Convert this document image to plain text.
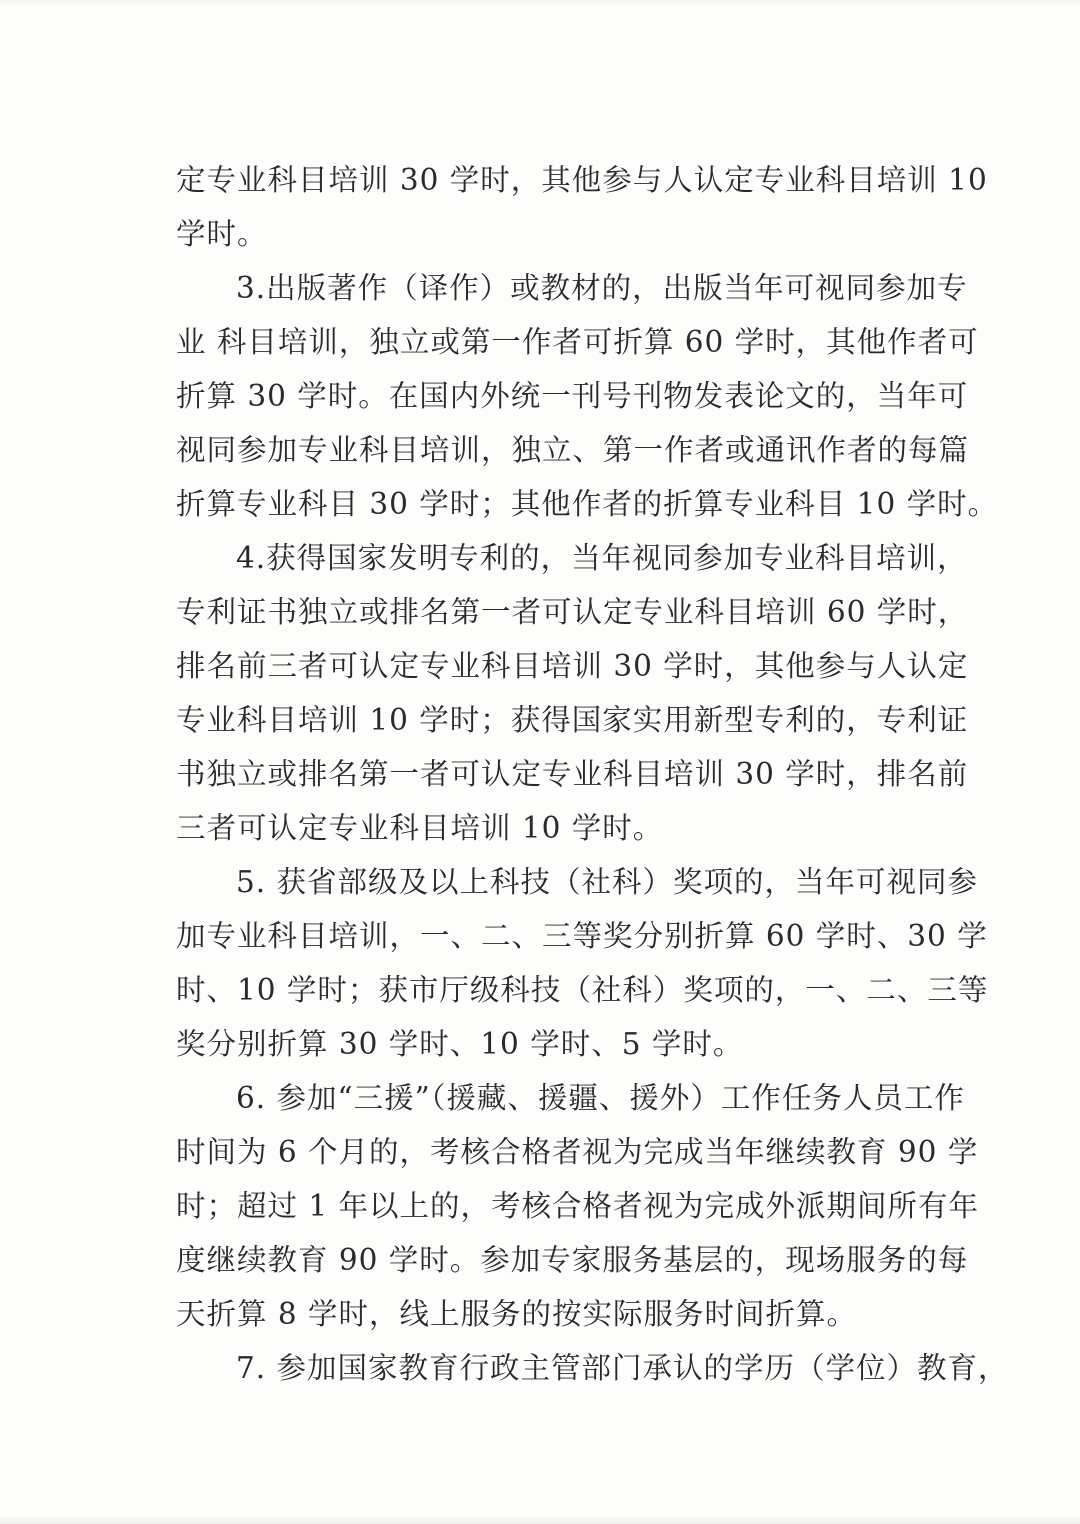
定专业科目培训 30 学时，其他参与人认定专业科目培训 10
学时。
3.出版著作（译作）或教材的，出版当年可视同参加专
业 科目培训，独立或第一作者可折算 60 学时，其他作者可
折算 30 学时。在国内外统一刊号刊物发表论文的，当年可
视同参加专业科目培训，独立、第一作者或通讯作者的每篇
折算专业科目 30 学时；其他作者的折算专业科目 10 学时。
4.获得国家发明专利的，当年视同参加专业科目培训，
专利证书独立或排名第一者可认定专业科目培训 60 学时，
排名前三者可认定专业科目培训 30 学时，其他参与人认定
专业科目培训 10 学时；获得国家实用新型专利的，专利证
书独立或排名第一者可认定专业科目培训 30 学时，排名前
三者可认定专业科目培训 10 学时。
5. 获省部级及以上科技（社科）奖项的，当年可视同参
加专业科目培训，一、二、三等奖分别折算 60 学时、30 学
时、10 学时；获市厅级科技（社科）奖项的，一、二、三等
奖分别折算 30 学时、10 学时、5 学时。
6. 参加“三援”（援藏、援疆、援外）工作任务人员工作
时间为 6 个月的，考核合格者视为完成当年继续教育 90 学
时；超过 1 年以上的，考核合格者视为完成外派期间所有年
度继续教育 90 学时。参加专家服务基层的，现场服务的每
天折算 8 学时，线上服务的按实际服务时间折算。
7. 参加国家教育行政主管部门承认的学历（学位）教育，
